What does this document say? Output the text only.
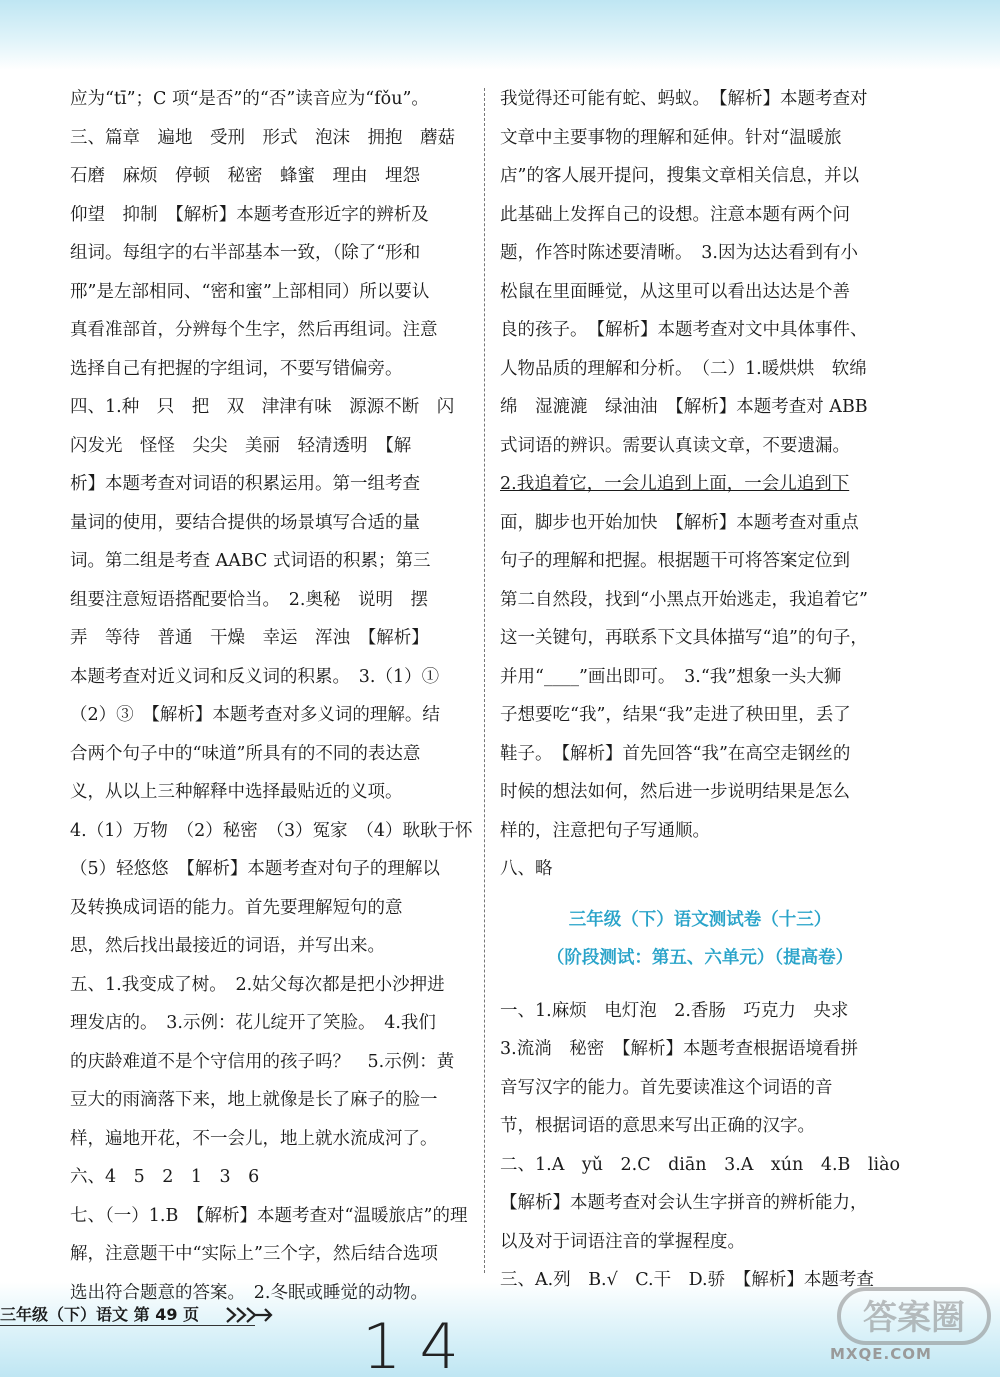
应为“tī”；C 项“是否”的“否”读音应为“fǒu”。

三、篇章　遍地　受刑　形式　泡沫　拥抱　蘑菇

石磨　麻烦　停顿　秘密　蜂蜜　理由　埋怨

仰望　抑制　【解析】本题考查形近字的辨析及

组词。每组字的右半部基本一致，（除了“形和

邢”是左部相同、“密和蜜”上部相同）所以要认

真看准部首，分辨每个生字，然后再组词。注意

选择自己有把握的字组词，不要写错偏旁。

四、1.种　只　把　双　津津有味　源源不断　闪

闪发光　怪怪　尖尖　美丽　轻清透明　【解

析】本题考查对词语的积累运用。第一组考查

量词的使用，要结合提供的场景填写合适的量

词。第二组是考查 AABC 式词语的积累；第三

组要注意短语搭配要恰当。　2.奥秘　说明　摆

弄　等待　普通　干燥　幸运　浑浊　【解析】

本题考查对近义词和反义词的积累。　3.（1）①

（2）③　【解析】本题考查对多义词的理解。结

合两个句子中的“味道”所具有的不同的表达意

义，从以上三种解释中选择最贴近的义项。

4.（1）万物　（2）秘密　（3）冤家　（4）耿耿于怀

（5）轻悠悠　【解析】本题考查对句子的理解以

及转换成词语的能力。首先要理解短句的意

思，然后找出最接近的词语，并写出来。

五、1.我变成了树。　2.姑父每次都是把小沙押进

理发店的。　3.示例：花儿绽开了笑脸。　4.我们

的庆龄难道不是个守信用的孩子吗？　5.示例：黄

豆大的雨滴落下来，地上就像是长了麻子的脸一

样，遍地开花，不一会儿，地上就水流成河了。

六、4　5　2　1　3　6

七、（一）1.B　【解析】本题考查对“温暖旅店”的理

解，注意题干中“实际上”三个字，然后结合选项

选出符合题意的答案。　2.冬眠或睡觉的动物。

我觉得还可能有蛇、蚂蚁。　【解析】本题考查对

文章中主要事物的理解和延伸。针对“温暖旅

店”的客人展开提问，搜集文章相关信息，并以

此基础上发挥自己的设想。注意本题有两个问

题，作答时陈述要清晰。　3.因为达达看到有小

松鼠在里面睡觉，从这里可以看出达达是个善

良的孩子。　【解析】本题考查对文中具体事件、

人物品质的理解和分析。　（二）1.暖烘烘　软绵

绵　湿漉漉　绿油油　【解析】本题考查对 ABB

式词语的辨识。需要认真读文章，不要遗漏。

2.我追着它，一会儿追到上面，一会儿追到下

面，脚步也开始加快　【解析】本题考查对重点

句子的理解和把握。根据题干可将答案定位到

第二自然段，找到“小黑点开始逃走，我追着它”

这一关键句，再联系下文具体描写“追”的句子，

并用“____”画出即可。　3.“我”想象一头大狮

子想要吃“我”，结果“我”走进了秧田里，丢了

鞋子。　【解析】首先回答“我”在高空走钢丝的

时候的想法如何，然后进一步说明结果是怎么

样的，注意把句子写通顺。

八、略

三年级（下）语文测试卷（十三）

（阶段测试：第五、六单元）（提高卷）

一、1.麻烦　电灯泡　2.香肠　巧克力　央求

3.流淌　秘密　【解析】本题考查根据语境看拼

音写汉字的能力。首先要读准这个词语的音

节，根据词语的意思来写出正确的汉字。

二、1.A　yǔ　2.C　diān　3.A　xún　4.B　liào

【解析】本题考查对会认生字拼音的辨析能力，

以及对于词语注音的掌握程度。

三、A.列　B.√　C.干　D.骄　【解析】本题考查

三年级（下）语文 第 49 页	14	答案圈
MXQE.COM
